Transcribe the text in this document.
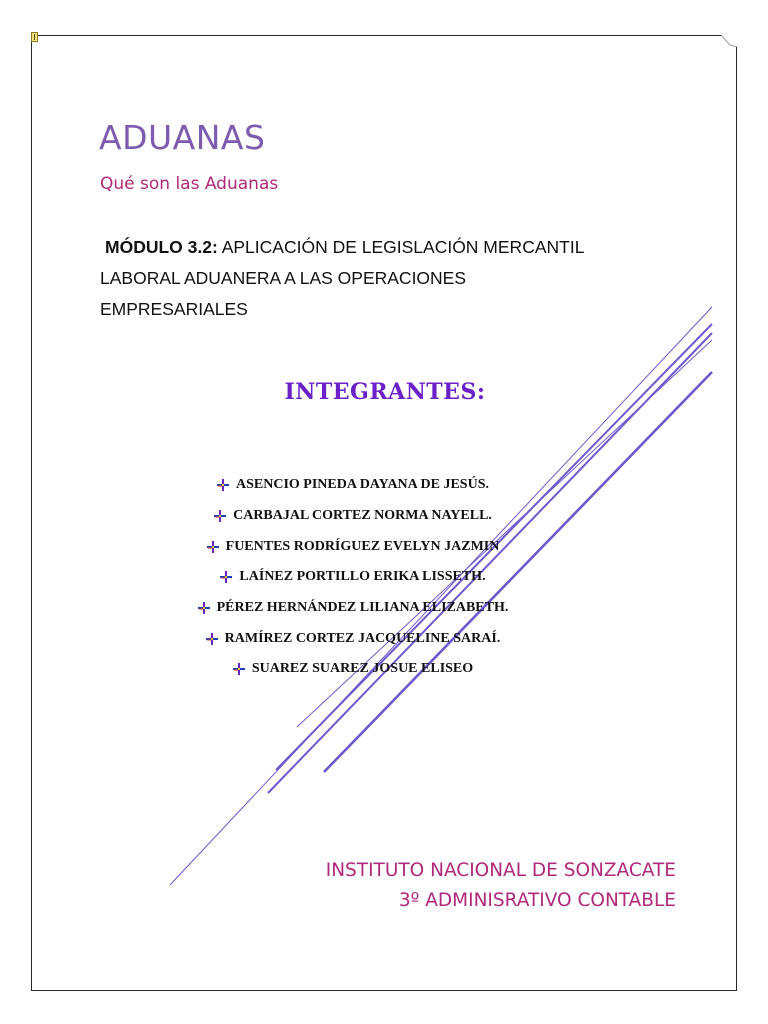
ADUANAS
Qué son las Aduanas
MÓDULO 3.2: APLICACIÓN DE LEGISLACIÓN MERCANTIL
LABORAL ADUANERA A LAS OPERACIONES
EMPRESARIALES
INTEGRANTES:
ASENCIO PINEDA DAYANA DE JESÚS.
CARBAJAL CORTEZ NORMA NAYELL.
FUENTES RODRÍGUEZ EVELYN JAZMIN
LAÍNEZ PORTILLO ERIKA LISSETH.
PÉREZ HERNÁNDEZ LILIANA ELIZABETH.
RAMÍREZ CORTEZ JACQUELINE SARAÍ.
SUAREZ SUAREZ JOSUE ELISEO
INSTITUTO NACIONAL DE SONZACATE
3º ADMINISRATIVO CONTABLE
